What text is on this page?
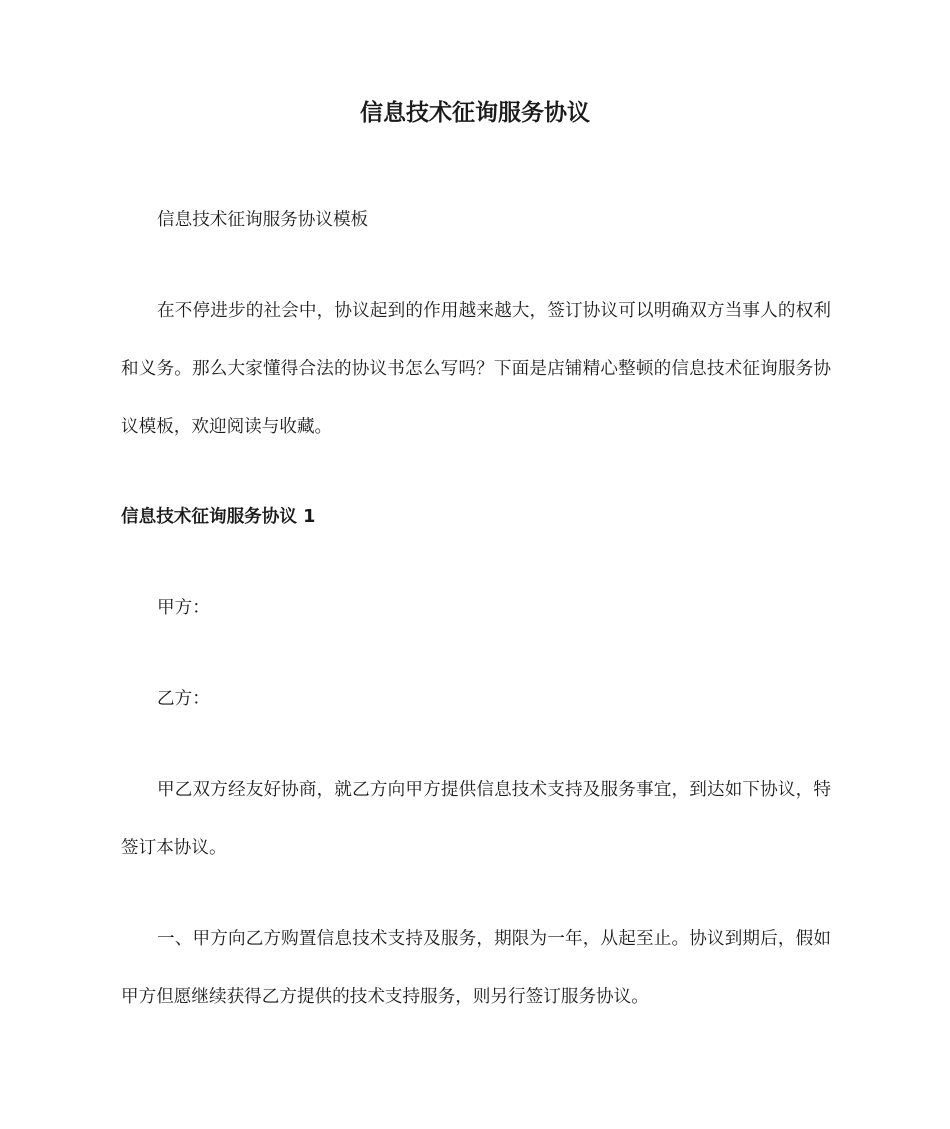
信息技术征询服务协议

信息技术征询服务协议模板

在不停进步的社会中，协议起到的作用越来越大，签订协议可以明确双方当事人的权利和义务。那么大家懂得合法的协议书怎么写吗？下面是店铺精心整顿的信息技术征询服务协议模板，欢迎阅读与收藏。

信息技术征询服务协议 1

甲方：

乙方：

甲乙双方经友好协商，就乙方向甲方提供信息技术支持及服务事宜，到达如下协议，特签订本协议。

一、甲方向乙方购置信息技术支持及服务，期限为一年，从起至止。协议到期后，假如甲方但愿继续获得乙方提供的技术支持服务，则另行签订服务协议。
